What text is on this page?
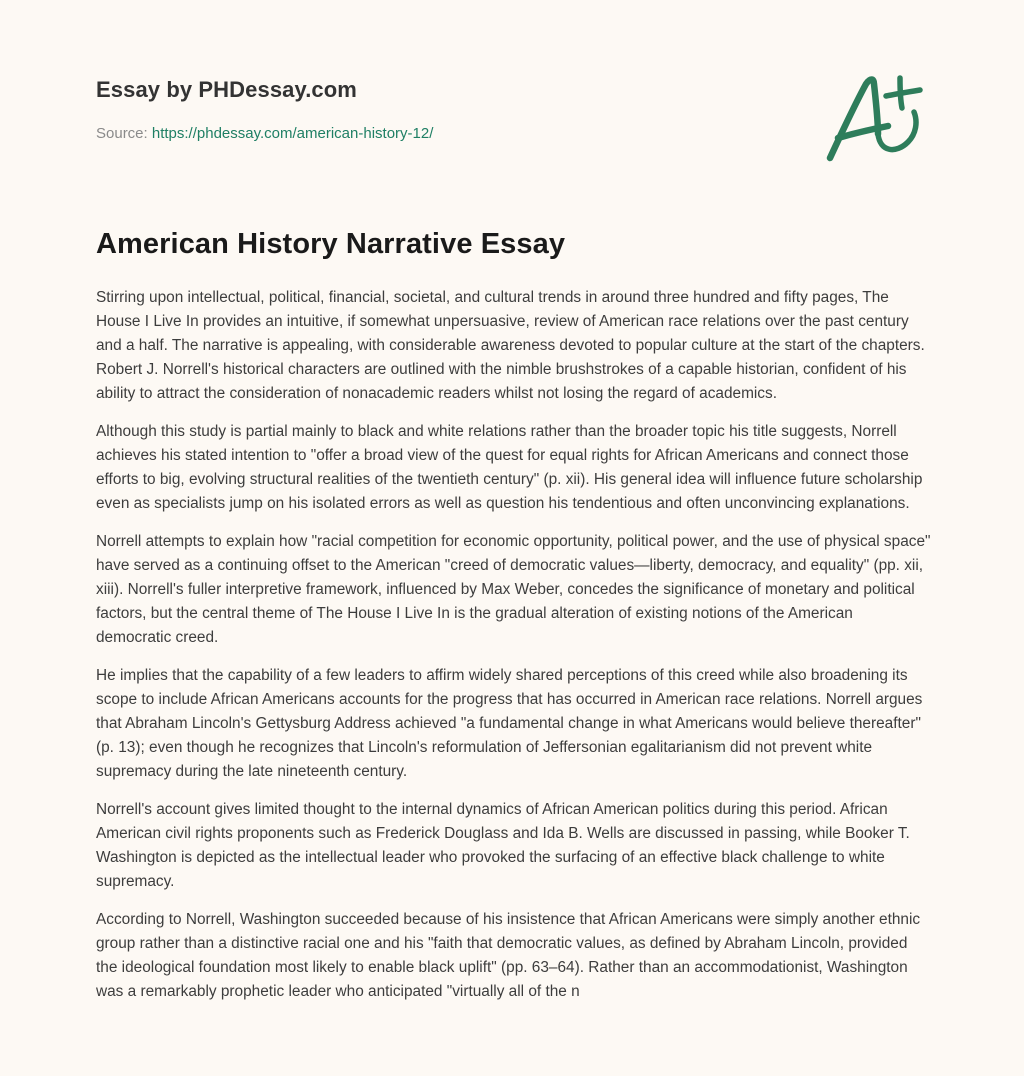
Essay by PHDessay.com
Source: https://phdessay.com/american-history-12/
American History Narrative Essay

Stirring upon intellectual, political, financial, societal, and cultural trends in around three hundred and fifty pages, The House I Live In provides an intuitive, if somewhat unpersuasive, review of American race relations over the past century and a half. The narrative is appealing, with considerable awareness devoted to popular culture at the start of the chapters. Robert J. Norrell's historical characters are outlined with the nimble brushstrokes of a capable historian, confident of his ability to attract the consideration of nonacademic readers whilst not losing the regard of academics.

Although this study is partial mainly to black and white relations rather than the broader topic his title suggests, Norrell achieves his stated intention to "offer a broad view of the quest for equal rights for African Americans and connect those efforts to big, evolving structural realities of the twentieth century" (p. xii). His general idea will influence future scholarship even as specialists jump on his isolated errors as well as question his tendentious and often unconvincing explanations.

Norrell attempts to explain how "racial competition for economic opportunity, political power, and the use of physical space" have served as a continuing offset to the American "creed of democratic values—liberty, democracy, and equality" (pp. xii, xiii). Norrell's fuller interpretive framework, influenced by Max Weber, concedes the significance of monetary and political factors, but the central theme of The House I Live In is the gradual alteration of existing notions of the American democratic creed.

He implies that the capability of a few leaders to affirm widely shared perceptions of this creed while also broadening its scope to include African Americans accounts for the progress that has occurred in American race relations. Norrell argues that Abraham Lincoln's Gettysburg Address achieved "a fundamental change in what Americans would believe thereafter" (p. 13); even though he recognizes that Lincoln's reformulation of Jeffersonian egalitarianism did not prevent white supremacy during the late nineteenth century.

Norrell's account gives limited thought to the internal dynamics of African American politics during this period. African American civil rights proponents such as Frederick Douglass and Ida B. Wells are discussed in passing, while Booker T. Washington is depicted as the intellectual leader who provoked the surfacing of an effective black challenge to white supremacy.

According to Norrell, Washington succeeded because of his insistence that African Americans were simply another ethnic group rather than a distinctive racial one and his "faith that democratic values, as defined by Abraham Lincoln, provided the ideological foundation most likely to enable black uplift" (pp. 63–64). Rather than an accommodationist, Washington was a remarkably prophetic leader who anticipated "virtually all of the n
